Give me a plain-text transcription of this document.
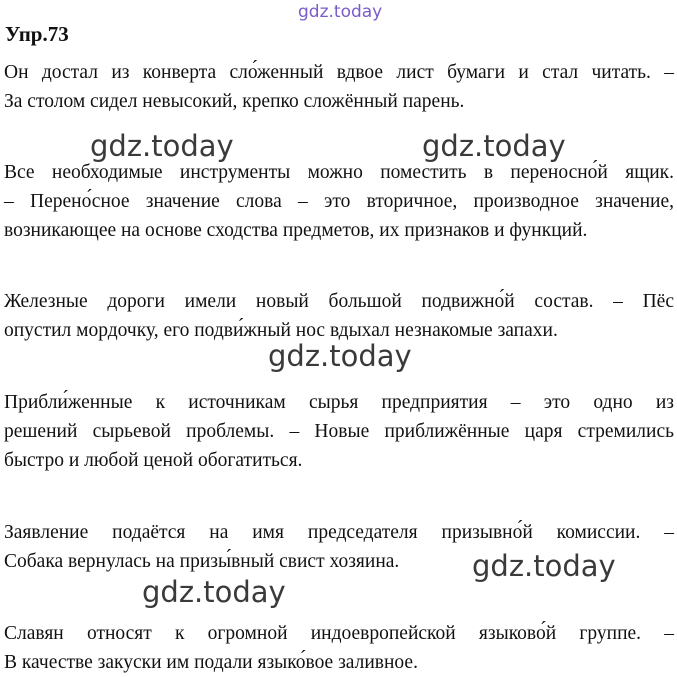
gdz.today
Упр.73

Он достал из конверта сло́женный вдвое лист бумаги и стал читать. –
За столом сидел невысокий, крепко сложённый парень.

gdz.today	gdz.today

Все необходимые инструменты можно поместить в переносно́й ящик.
– Перено́сное значение слова – это вторичное, производное значение,
возникающее на основе сходства предметов, их признаков и функций.

Железные дороги имели новый большой подвижно́й состав. – Пёс
опустил мордочку, его подви́жный нос вдыхал незнакомые запахи.

gdz.today

Прибли́женные к источникам сырья предприятия – это одно из
решений сырьевой проблемы. – Новые приближённые царя стремились
быстро и любой ценой обогатиться.

Заявление подаётся на имя председателя призывно́й комиссии. –
Собака вернулась на призы́вный свист хозяина.	gdz.today
gdz.today

Славян относят к огромной индоевропейской языково́й группе. –
В качестве закуски им подали языко́вое заливное.
